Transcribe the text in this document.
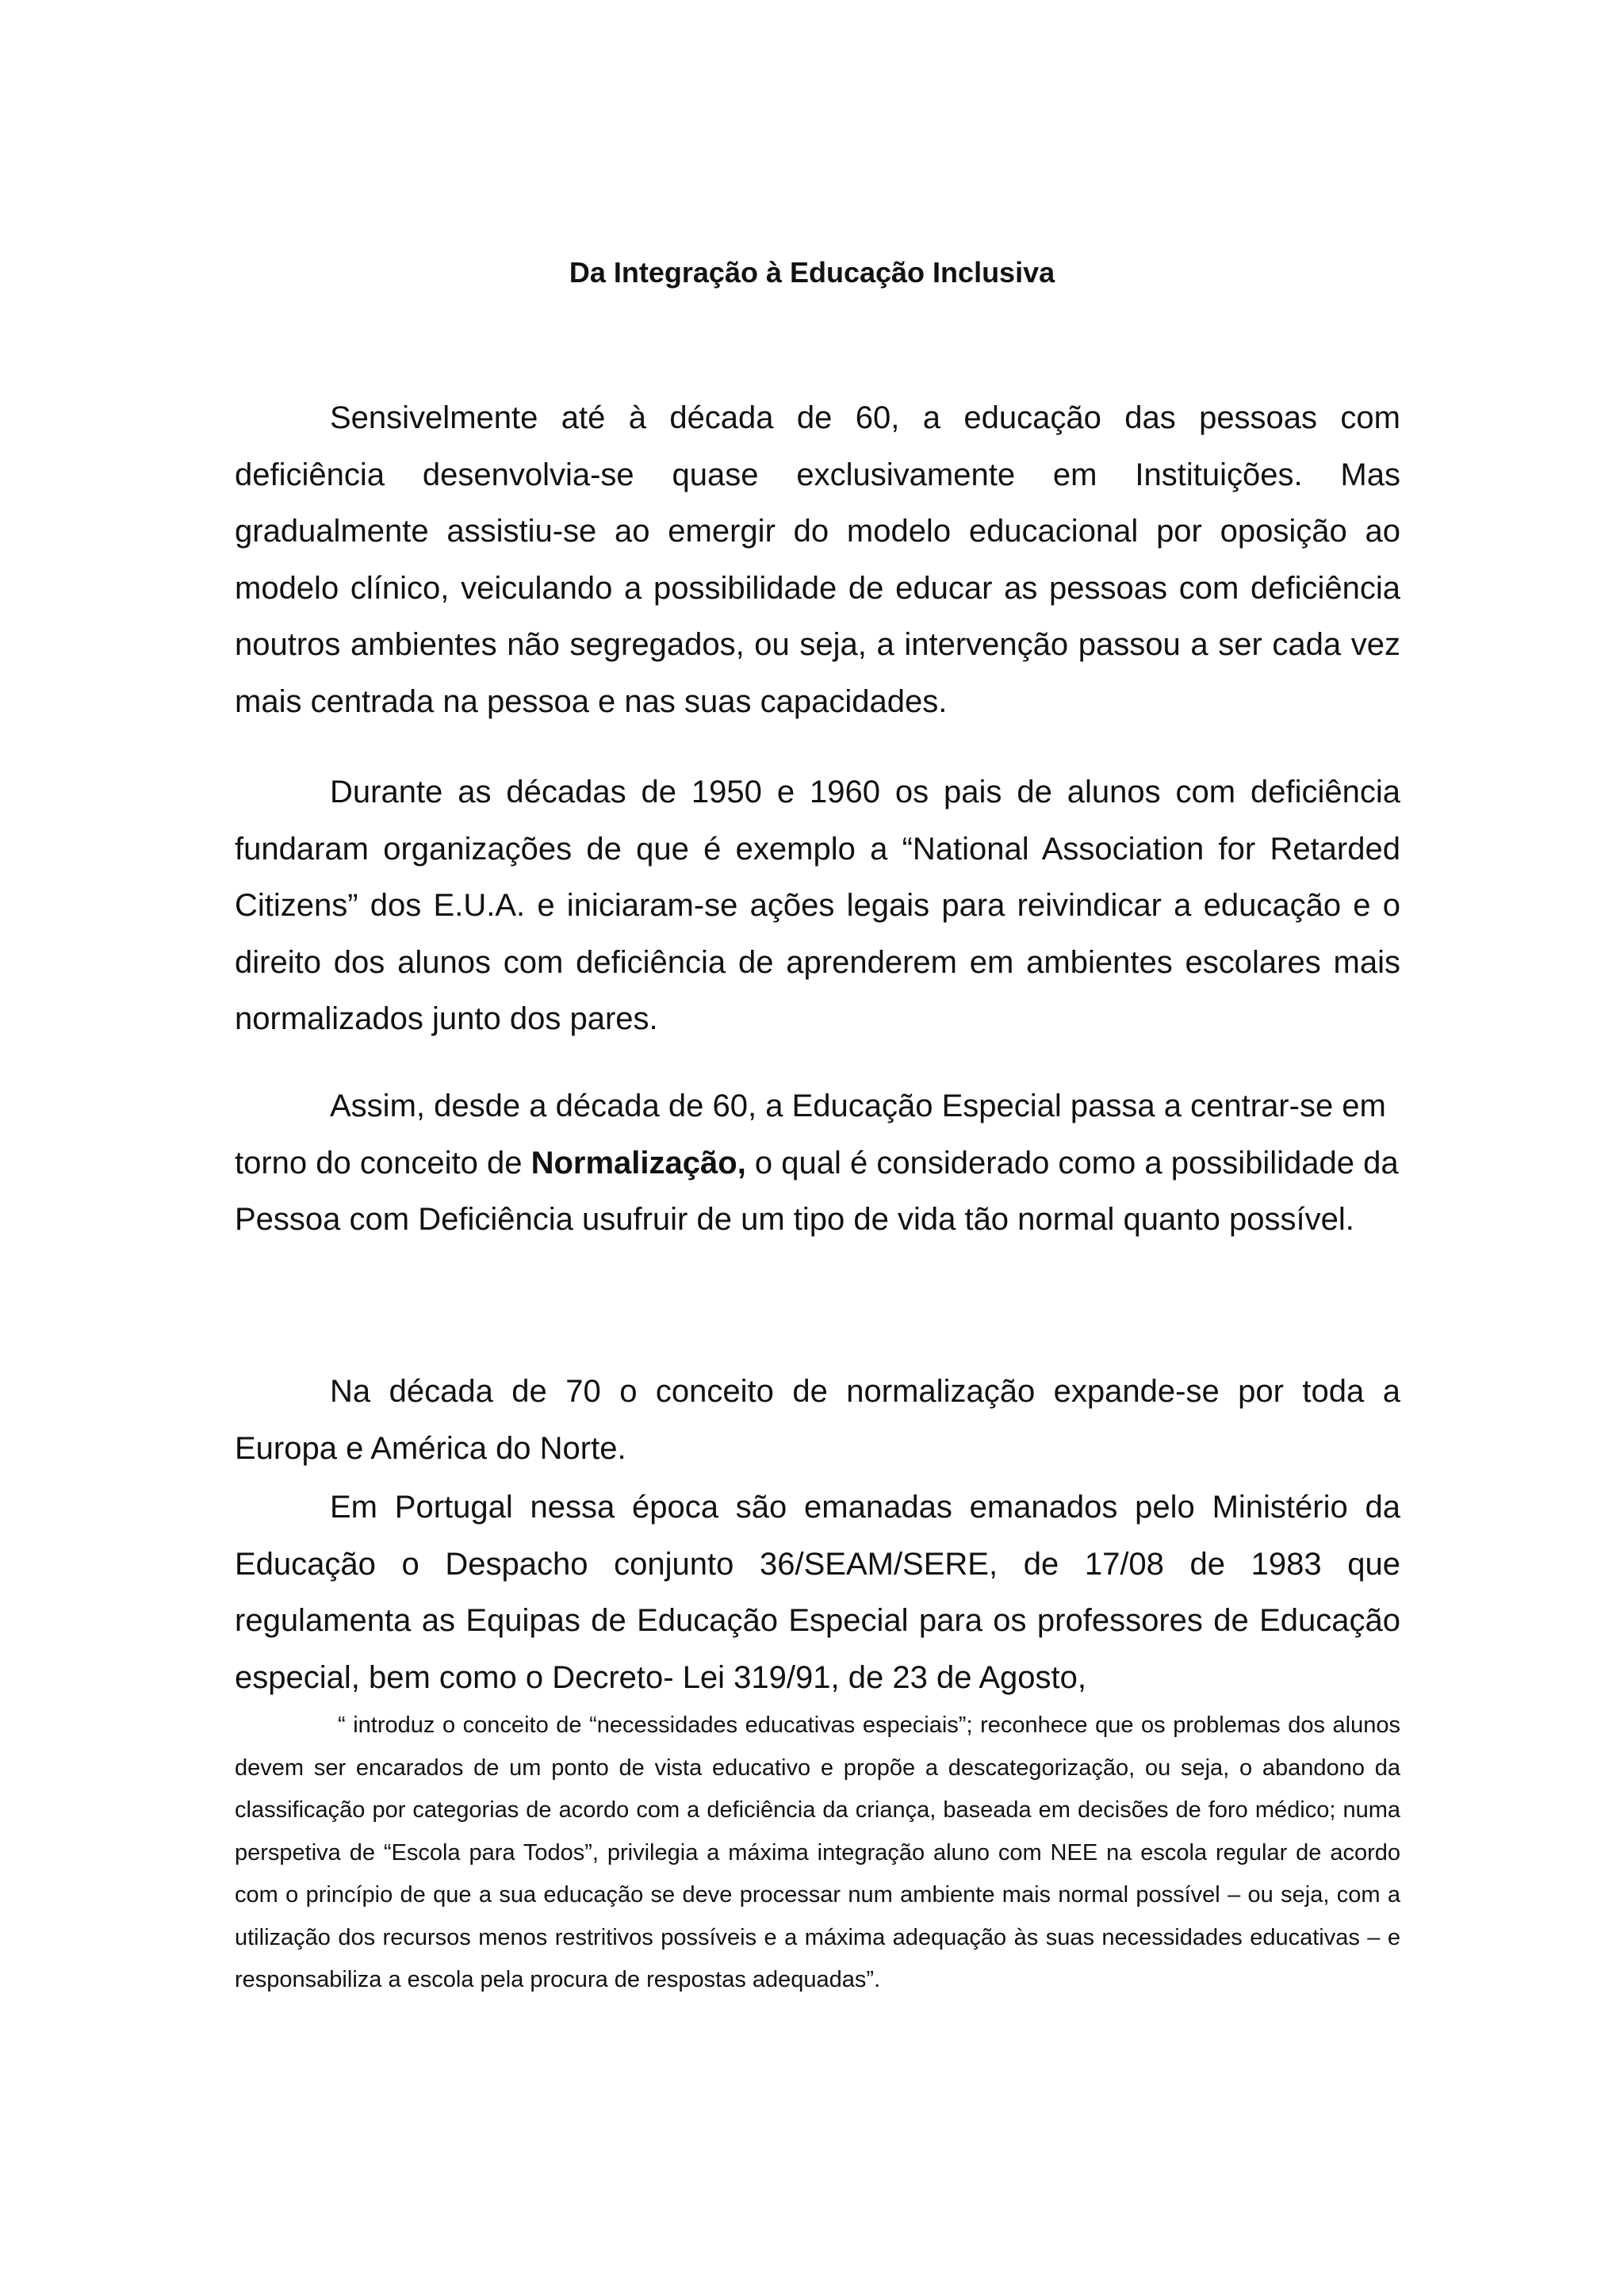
Da Integração à Educação Inclusiva

Sensivelmente até à década de 60, a educação das pessoas com deficiência desenvolvia-se quase exclusivamente em Instituições. Mas gradualmente assistiu-se ao emergir do modelo educacional por oposição ao modelo clínico, veiculando a possibilidade de educar as pessoas com deficiência noutros ambientes não segregados, ou seja, a intervenção passou a ser cada vez mais centrada na pessoa e nas suas capacidades.

Durante as décadas de 1950 e 1960 os pais de alunos com deficiência fundaram organizações de que é exemplo a “National Association for Retarded Citizens” dos E.U.A. e iniciaram-se ações legais para reivindicar a educação e o direito dos alunos com deficiência de aprenderem em ambientes escolares mais normalizados junto dos pares.

Assim, desde a década de 60, a Educação Especial passa a centrar-se em torno do conceito de Normalização, o qual é considerado como a possibilidade da Pessoa com Deficiência usufruir de um tipo de vida tão normal quanto possível.

Na década de 70 o conceito de normalização expande-se por toda a Europa e América do Norte.

Em Portugal nessa época são emanadas emanados pelo Ministério da Educação o Despacho conjunto 36/SEAM/SERE, de 17/08 de 1983 que regulamenta as Equipas de Educação Especial para os professores de Educação especial, bem como o Decreto- Lei 319/91, de 23 de Agosto,

“ introduz o conceito de “necessidades educativas especiais”; reconhece que os problemas dos alunos devem ser encarados de um ponto de vista educativo e propõe a descategorização, ou seja, o abandono da classificação por categorias de acordo com a deficiência da criança, baseada em decisões de foro médico; numa perspetiva de “Escola para Todos”, privilegia a máxima integração aluno com NEE na escola regular de acordo com o princípio de que a sua educação se deve processar num ambiente mais normal possível – ou seja, com a utilização dos recursos menos restritivos possíveis e a máxima adequação às suas necessidades educativas – e responsabiliza a escola pela procura de respostas adequadas”.
